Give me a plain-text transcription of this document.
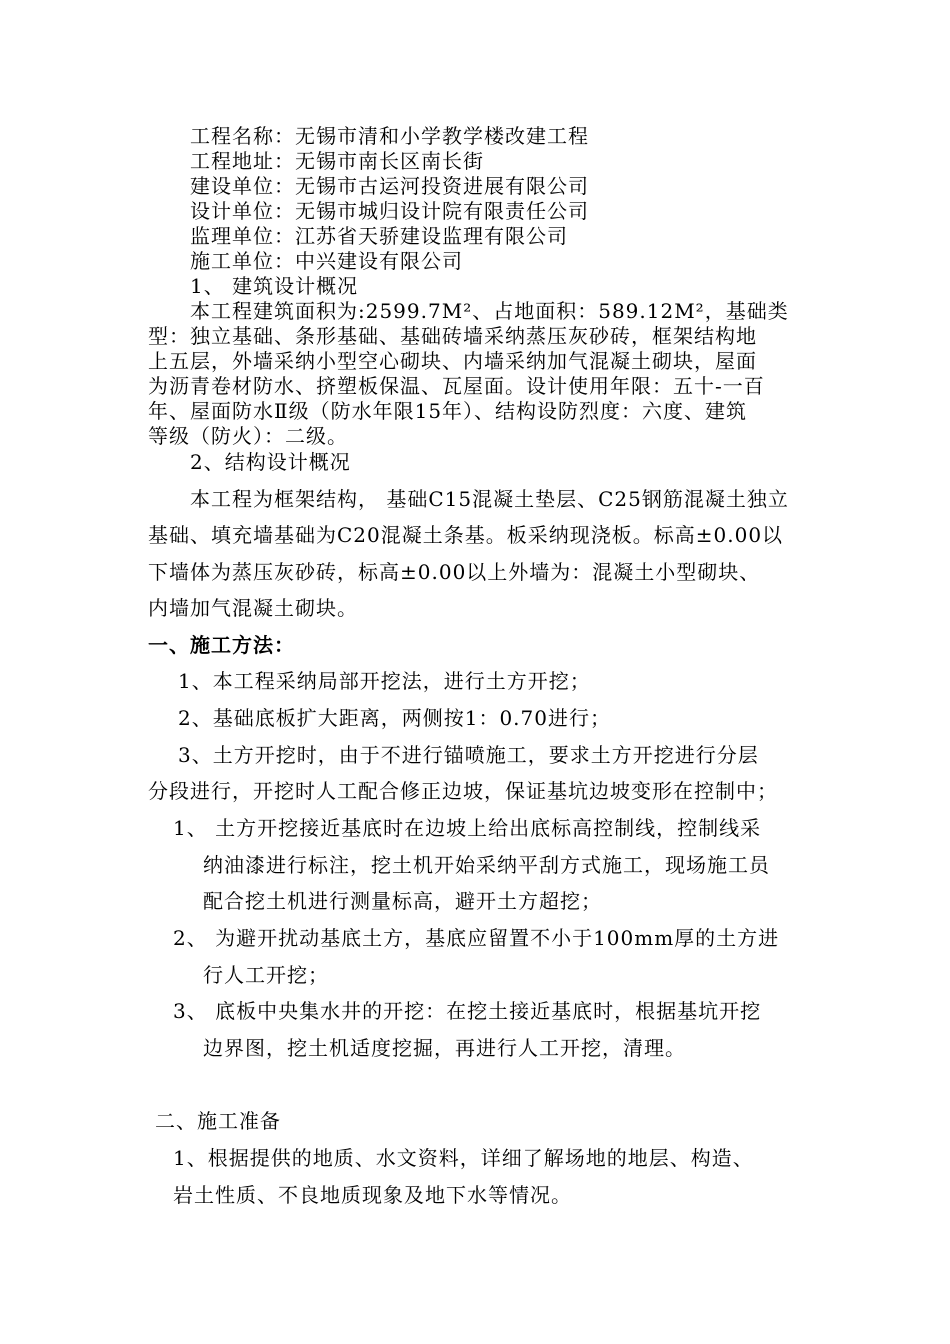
工程名称：无锡市清和小学教学楼改建工程
工程地址：无锡市南长区南长街
建设单位：无锡市古运河投资进展有限公司
设计单位：无锡市城归设计院有限责任公司
监理单位：江苏省天骄建设监理有限公司
施工单位：中兴建设有限公司
1、 建筑设计概况
本工程建筑面积为:2599.7M²、占地面积：589.12M²，基础类
型：独立基础、条形基础、基础砖墙采纳蒸压灰砂砖，框架结构地
上五层，外墙采纳小型空心砌块、内墙采纳加气混凝土砌块，屋面
为沥青卷材防水、挤塑板保温、瓦屋面。设计使用年限：五十-一百
年、屋面防水Ⅱ级（防水年限15年）、结构设防烈度：六度、建筑
等级（防火）：二级。
2、结构设计概况
本工程为框架结构， 基础C15混凝土垫层、C25钢筋混凝土独立
基础、填充墙基础为C20混凝土条基。板采纳现浇板。标高±0.00以
下墙体为蒸压灰砂砖，标高±0.00以上外墙为：混凝土小型砌块、
内墙加气混凝土砌块。
一、施工方法：
1、本工程采纳局部开挖法，进行土方开挖；
2、基础底板扩大距离，两侧按1：0.70进行；
3、土方开挖时，由于不进行锚喷施工，要求土方开挖进行分层
分段进行，开挖时人工配合修正边坡，保证基坑边坡变形在控制中；
1、 土方开挖接近基底时在边坡上给出底标高控制线，控制线采
纳油漆进行标注，挖土机开始采纳平刮方式施工，现场施工员
配合挖土机进行测量标高，避开土方超挖；
2、 为避开扰动基底土方，基底应留置不小于100mm厚的土方进
行人工开挖；
3、 底板中央集水井的开挖：在挖土接近基底时，根据基坑开挖
边界图，挖土机适度挖掘，再进行人工开挖，清理。
二、施工准备
1、根据提供的地质、水文资料，详细了解场地的地层、构造、
岩土性质、不良地质现象及地下水等情况。
